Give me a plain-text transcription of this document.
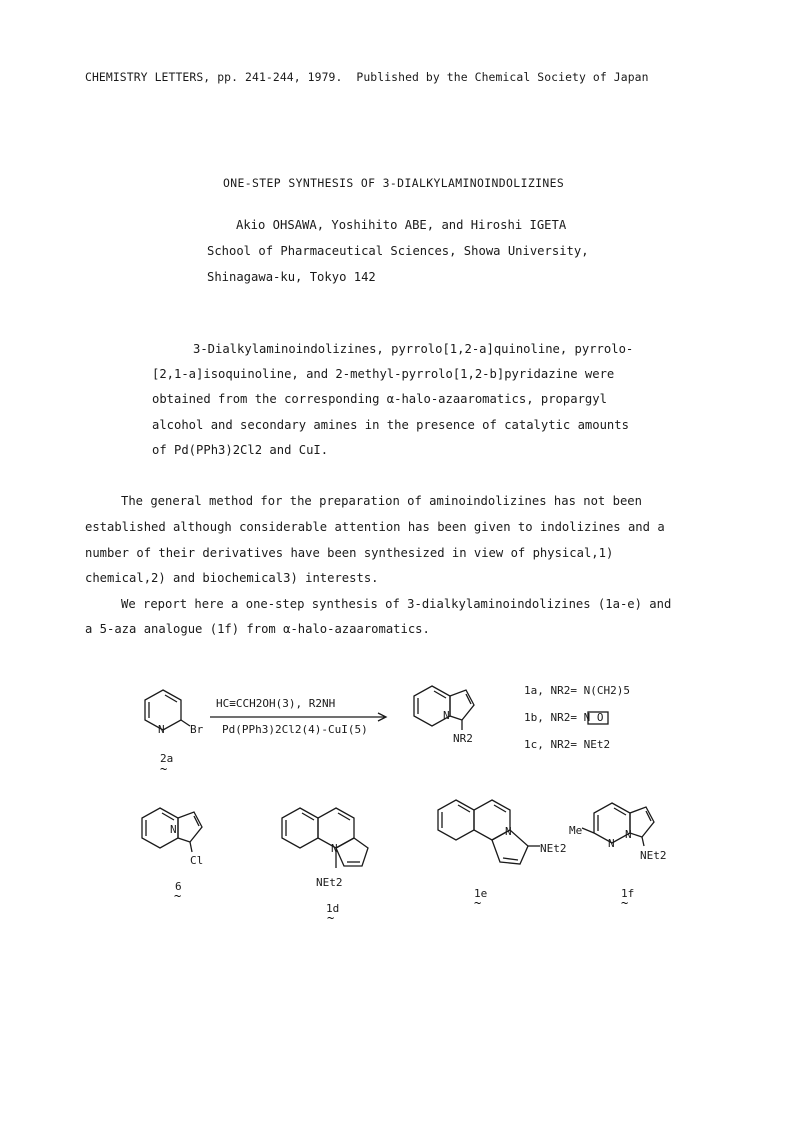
CHEMISTRY LETTERS, pp. 241-244, 1979. Published by the Chemical Society of Japan
ONE-STEP SYNTHESIS OF 3-DIALKYLAMINOINDOLIZINES
Akio OHSAWA, Yoshihito ABE, and Hiroshi IGETA
School of Pharmaceutical Sciences, Showa University,
Shinagawa-ku, Tokyo 142
3-Dialkylaminoindolizines, pyrrolo[1,2-a]quinoline, pyrrolo-
[2,1-a]isoquinoline, and 2-methyl-pyrrolo[1,2-b]pyridazine were
obtained from the corresponding α-halo-azaaromatics, propargyl
alcohol and secondary amines in the presence of catalytic amounts
of Pd(PPh3)2Cl2 and CuI.
The general method for the preparation of aminoindolizines has not been
established although considerable attention has been given to indolizines and a
number of their derivatives have been synthesized in view of physical,1)
chemical,2) and biochemical3) interests.
We report here a one-step synthesis of 3-dialkylaminoindolizines (1a-e) and
a 5-aza analogue (1f) from α-halo-azaaromatics.
HC≡CCH2OH(3), R2NH
Pd(PPh3)2Cl2(4)-CuI(5)
N Br
2a
~
N
NR2
1a, NR2= N(CH2)5
1b, NR2= N O
1c, NR2= NEt2
N
Cl
6
~
N
NEt2
1d
~
N
NEt2
1e
~
Me
N
N
NEt2
1f
~
